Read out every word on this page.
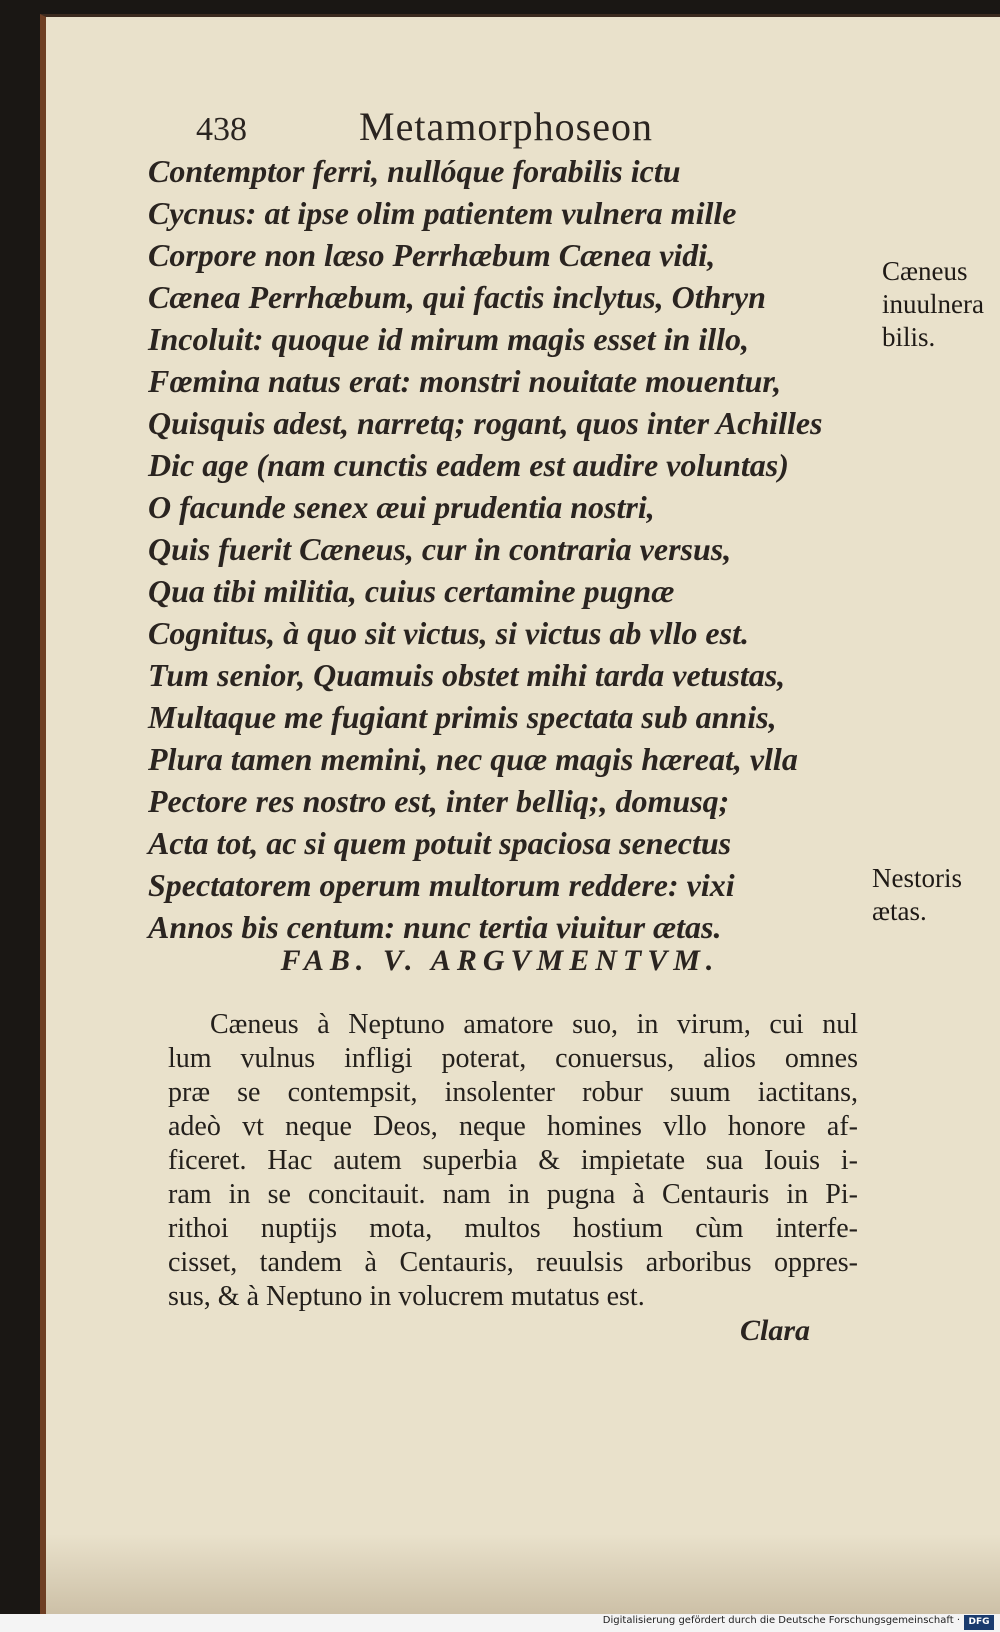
438	Metamorphoseon
Cæneus
inuulnera
bilis.
Nestoris
ætas.
Contemptor ferri, nullóque forabilis ictu
Cycnus: at ipse olim patientem vulnera mille
Corpore non læso Perrhæbum Cænea vidi,
Cænea Perrhæbum, qui factis inclytus, Othryn
Incoluit: quoque id mirum magis esset in illo,
Fœmina natus erat: monstri nouitate mouentur,
Quisquis adest, narretq; rogant, quos inter Achilles
Dic age (nam cunctis eadem est audire voluntas)
O facunde senex æui prudentia nostri,
Quis fuerit Cæneus, cur in contraria versus,
Qua tibi militia, cuius certamine pugnæ
Cognitus, à quo sit victus, si victus ab vllo est.
Tum senior, Quamuis obstet mihi tarda vetustas,
Multaque me fugiant primis spectata sub annis,
Plura tamen memini, nec quæ magis hæreat, vlla
Pectore res nostro est, inter belliq;, domusq;
Acta tot, ac si quem potuit spaciosa senectus
Spectatorem operum multorum reddere: vixi
Annos bis centum: nunc tertia viuitur ætas.
FAB. V. ARGVMENTVM.
Cæneus à Neptuno amatore suo, in virum, cui nul
lum vulnus infligi poterat, conuersus, alios omnes
præ se contempsit, insolenter robur suum iactitans,
adeò vt neque Deos, neque homines vllo honore af-
ficeret. Hac autem superbia & impietate sua Iouis i-
ram in se concitauit. nam in pugna à Centauris in Pi-
rithoi nuptijs mota, multos hostium cùm interfe-
cisset, tandem à Centauris, reuulsis arboribus oppres-
sus, & à Neptuno in volucrem mutatus est.
Clara
Digitalisierung gefördert durch die Deutsche Forschungsgemeinschaft · DFG
